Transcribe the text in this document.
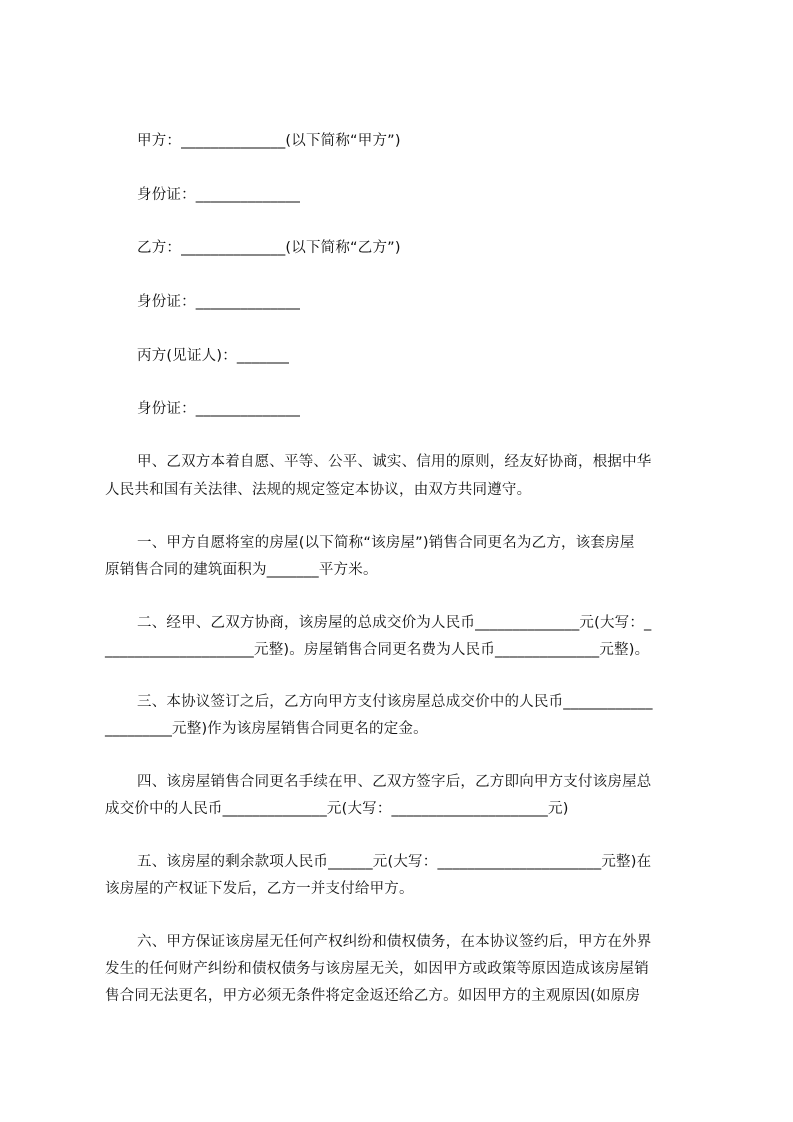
甲方：______________(以下简称“甲方”)
身份证：______________
乙方：______________(以下简称“乙方”)
身份证：______________
丙方(见证人)：_______
身份证：______________
甲、乙双方本着自愿、平等、公平、诚实、信用的原则，经友好协商，根据中华
人民共和国有关法律、法规的规定签定本协议，由双方共同遵守。
一、甲方自愿将室的房屋(以下简称“该房屋”)销售合同更名为乙方，该套房屋
原销售合同的建筑面积为_______平方米。
二、经甲、乙双方协商，该房屋的总成交价为人民币______________元(大写：_
____________________元整)。房屋销售合同更名费为人民币______________元整)。
三、本协议签订之后，乙方向甲方支付该房屋总成交价中的人民币____________
_________元整)作为该房屋销售合同更名的定金。
四、该房屋销售合同更名手续在甲、乙双方签字后，乙方即向甲方支付该房屋总
成交价中的人民币______________元(大写：_____________________元)
五、该房屋的剩余款项人民币______元(大写：______________________元整)在
该房屋的产权证下发后，乙方一并支付给甲方。
六、甲方保证该房屋无任何产权纠纷和债权债务，在本协议签约后，甲方在外界
发生的任何财产纠纷和债权债务与该房屋无关，如因甲方或政策等原因造成该房屋销
售合同无法更名，甲方必须无条件将定金返还给乙方。如因甲方的主观原因(如原房
